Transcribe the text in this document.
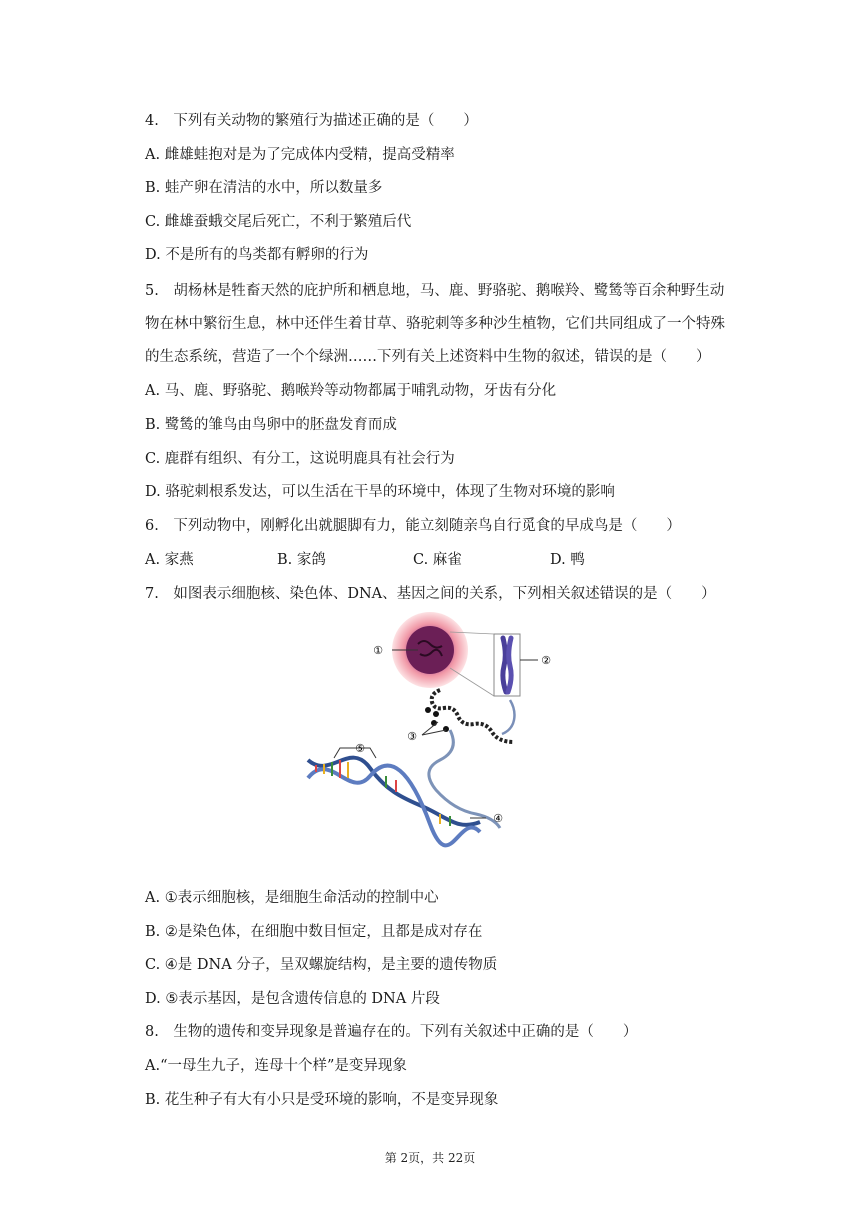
4.　下列有关动物的繁殖行为描述正确的是（　　）
A. 雌雄蛙抱对是为了完成体内受精，提高受精率
B. 蛙产卵在清洁的水中，所以数量多
C. 雌雄蚕蛾交尾后死亡，不利于繁殖后代
D. 不是所有的鸟类都有孵卵的行为
5.　胡杨林是牲畜天然的庇护所和栖息地，马、鹿、野骆驼、鹅喉羚、鹭鸶等百余种野生动
物在林中繁衍生息，林中还伴生着甘草、骆驼刺等多种沙生植物，它们共同组成了一个特殊
的生态系统，营造了一个个绿洲……下列有关上述资料中生物的叙述，错误的是（　　）
A. 马、鹿、野骆驼、鹅喉羚等动物都属于哺乳动物，牙齿有分化
B. 鹭鸶的雏鸟由鸟卵中的胚盘发育而成
C. 鹿群有组织、有分工，这说明鹿具有社会行为
D. 骆驼刺根系发达，可以生活在干旱的环境中，体现了生物对环境的影响
6.　下列动物中，刚孵化出就腿脚有力，能立刻随亲鸟自行觅食的早成鸟是（　　）
A. 家燕	B. 家鸽	C. 麻雀	D. 鸭
7.　如图表示细胞核、染色体、DNA、基因之间的关系，下列相关叙述错误的是（　　）
①
②
③
④
⑤
A. ①表示细胞核，是细胞生命活动的控制中心
B. ②是染色体，在细胞中数目恒定，且都是成对存在
C. ④是 DNA 分子，呈双螺旋结构，是主要的遗传物质
D. ⑤表示基因，是包含遗传信息的 DNA 片段
8.　生物的遗传和变异现象是普遍存在的。下列有关叙述中正确的是（　　）
A.“一母生九子，连母十个样”是变异现象
B. 花生种子有大有小只是受环境的影响，不是变异现象
第 2页，共 22页
